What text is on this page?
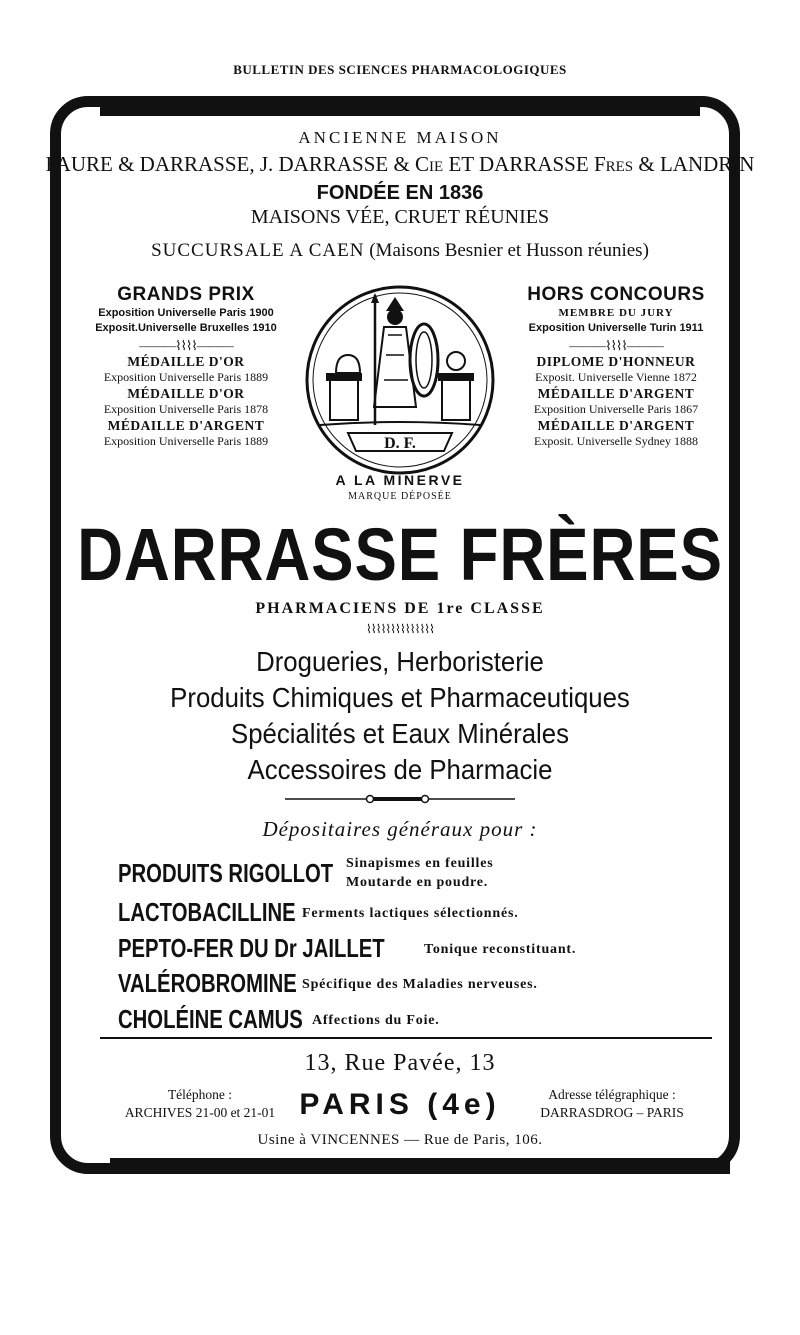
BULLETIN DES SCIENCES PHARMACOLOGIQUES
ANCIENNE MAISON
FAURE & DARRASSE, J. DARRASSE & Cie ET DARRASSE Fres & LANDRIN
FONDÉE EN 1836
MAISONS VÉE, CRUET RÉUNIES
SUCCURSALE A CAEN (Maisons Besnier et Husson réunies)
GRANDS PRIX
Exposition Universelle Paris 1900
Exposit.Universelle Bruxelles 1910
———⌇⌇⌇⌇———
MÉDAILLE D'OR
Exposition Universelle Paris 1889
MÉDAILLE D'OR
Exposition Universelle Paris 1878
MÉDAILLE D'ARGENT
Exposition Universelle Paris 1889
HORS CONCOURS
MEMBRE DU JURY
Exposition Universelle Turin 1911
———⌇⌇⌇⌇———
DIPLOME D'HONNEUR
Exposit. Universelle Vienne 1872
MÉDAILLE D'ARGENT
Exposition Universelle Paris 1867
MÉDAILLE D'ARGENT
Exposit. Universelle Sydney 1888
D. F.
A LA MINERVE
MARQUE DÉPOSÉE
DARRASSE FRÈRES
PHARMACIENS DE 1re CLASSE
⌇⌇⌇⌇⌇⌇⌇⌇⌇⌇⌇⌇⌇⌇
Drogueries, Herboristerie
Produits Chimiques et Pharmaceutiques
Spécialités et Eaux Minérales
Accessoires de Pharmacie
Dépositaires généraux pour :
PRODUITS RIGOLLOT Sinapismes en feuilles
Moutarde en poudre.
LACTOBACILLINE Ferments lactiques sélectionnés.
PEPTO-FER DU Dr JAILLET	Tonique reconstituant.
VALÉROBROMINE Spécifique des Maladies nerveuses.
CHOLÉINE CAMUS Affections du Foie.
13, Rue Pavée, 13
Téléphone :
ARCHIVES 21-00 et 21-01 PARIS (4e)	Adresse télégraphique :
DARRASDROG – PARIS
Usine à VINCENNES — Rue de Paris, 106.
